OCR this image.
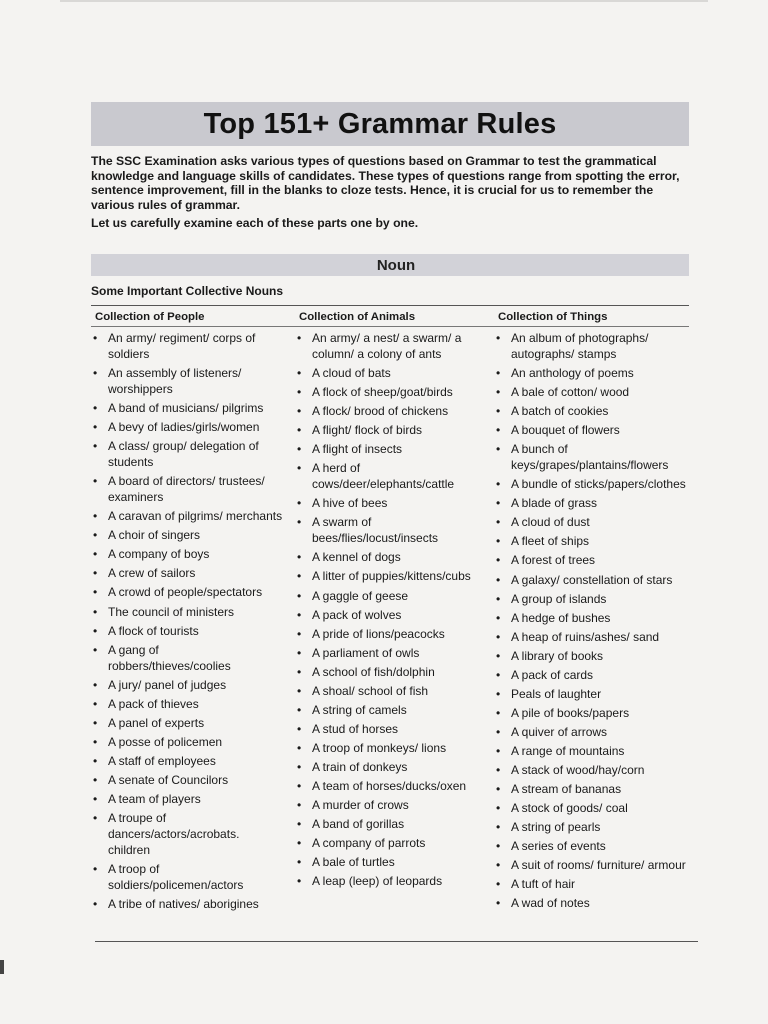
Top 151+ Grammar Rules

The SSC Examination asks various types of questions based on Grammar to test the grammatical knowledge and language skills of candidates. These types of questions range from spotting the error, sentence improvement, fill in the blanks to cloze tests. Hence, it is crucial for us to remember the various rules of grammar.

Let us carefully examine each of these parts one by one.

Noun
Some Important Collective Nouns
Collection of People	Collection of Animals	Collection of Things
• An army/ regiment/ corps of soldiers
• An assembly of listeners/ worshippers
• A band of musicians/ pilgrims
• A bevy of ladies/girls/women
• A class/ group/ delegation of students
• A board of directors/ trustees/ examiners
• A caravan of pilgrims/ merchants
• A choir of singers
• A company of boys
• A crew of sailors
• A crowd of people/spectators
• The council of ministers
• A flock of tourists
• A gang of robbers/thieves/coolies
• A jury/ panel of judges
• A pack of thieves
• A panel of experts
• A posse of policemen
• A staff of employees
• A senate of Councilors
• A team of players
• A troupe of dancers/actors/acrobats. children
• A troop of soldiers/policemen/actors
• A tribe of natives/ aborigines
• An army/ a nest/ a swarm/ a column/ a colony of ants
• A cloud of bats
• A flock of sheep/goat/birds
• A flock/ brood of chickens
• A flight/ flock of birds
• A flight of insects
• A herd of cows/deer/elephants/cattle
• A hive of bees
• A swarm of bees/flies/locust/insects
• A kennel of dogs
• A litter of puppies/kittens/cubs
• A gaggle of geese
• A pack of wolves
• A pride of lions/peacocks
• A parliament of owls
• A school of fish/dolphin
• A shoal/ school of fish
• A string of camels
• A stud of horses
• A troop of monkeys/ lions
• A train of donkeys
• A team of horses/ducks/oxen
• A murder of crows
• A band of gorillas
• A company of parrots
• A bale of turtles
• A leap (leep) of leopards
• An album of photographs/ autographs/ stamps
• An anthology of poems
• A bale of cotton/ wood
• A batch of cookies
• A bouquet of flowers
• A bunch of keys/grapes/plantains/flowers
• A bundle of sticks/papers/clothes
• A blade of grass
• A cloud of dust
• A fleet of ships
• A forest of trees
• A galaxy/ constellation of stars
• A group of islands
• A hedge of bushes
• A heap of ruins/ashes/ sand
• A library of books
• A pack of cards
• Peals of laughter
• A pile of books/papers
• A quiver of arrows
• A range of mountains
• A stack of wood/hay/corn
• A stream of bananas
• A stock of goods/ coal
• A string of pearls
• A series of events
• A suit of rooms/ furniture/ armour
• A tuft of hair
• A wad of notes
